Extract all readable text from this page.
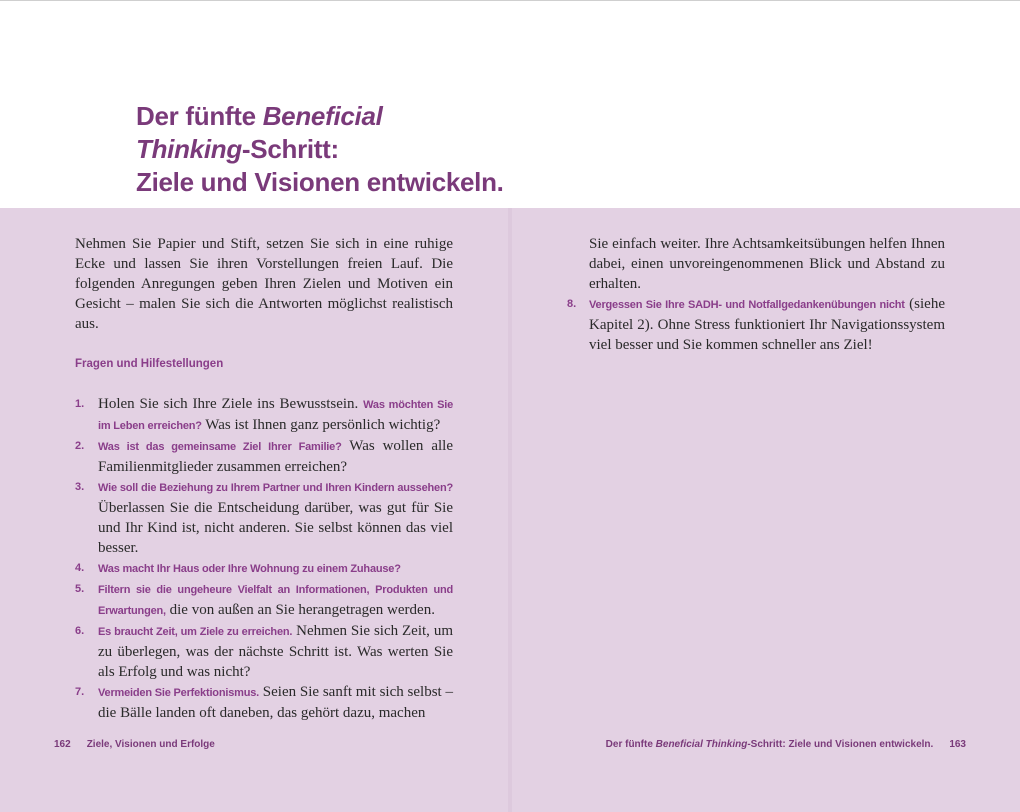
Der fünfte Beneficial
Thinking-Schritt:
Ziele und Visionen entwickeln.

Nehmen Sie Papier und Stift, setzen Sie sich in eine ruhige Ecke und lassen Sie ihren Vorstellungen freien Lauf. Die folgenden Anregungen geben Ihren Zielen und Motiven ein Gesicht – malen Sie sich die Antworten möglichst realistisch aus.

Fragen und Hilfestellungen

1. Holen Sie sich Ihre Ziele ins Bewusstsein. Was möchten Sie im Leben erreichen? Was ist Ihnen ganz persönlich wichtig?
2. Was ist das gemeinsame Ziel Ihrer Familie? Was wollen alle Familienmitglieder zusammen erreichen?
3. Wie soll die Beziehung zu Ihrem Partner und Ihren Kindern aussehen? Überlassen Sie die Entscheidung darüber, was gut für Sie und Ihr Kind ist, nicht anderen. Sie selbst können das viel besser.
4. Was macht Ihr Haus oder Ihre Wohnung zu einem Zuhause?
5. Filtern sie die ungeheure Vielfalt an Informationen, Produkten und Erwartungen, die von außen an Sie herangetragen werden.
6. Es braucht Zeit, um Ziele zu erreichen. Nehmen Sie sich Zeit, um zu überlegen, was der nächste Schritt ist. Was werten Sie als Erfolg und was nicht?
7. Vermeiden Sie Perfektionismus. Seien Sie sanft mit sich selbst – die Bälle landen oft daneben, das gehört dazu, machen
Sie einfach weiter. Ihre Achtsamkeitsübungen helfen Ihnen dabei, einen unvoreingenommenen Blick und Abstand zu erhalten.
8. Vergessen Sie Ihre SADH- und Notfallgedankenübungen nicht (siehe Kapitel 2). Ohne Stress funktioniert Ihr Navigationssystem viel besser und Sie kommen schneller ans Ziel!

162 Ziele, Visionen und Erfolge	Der fünfte Beneficial Thinking-Schritt: Ziele und Visionen entwickeln. 163
